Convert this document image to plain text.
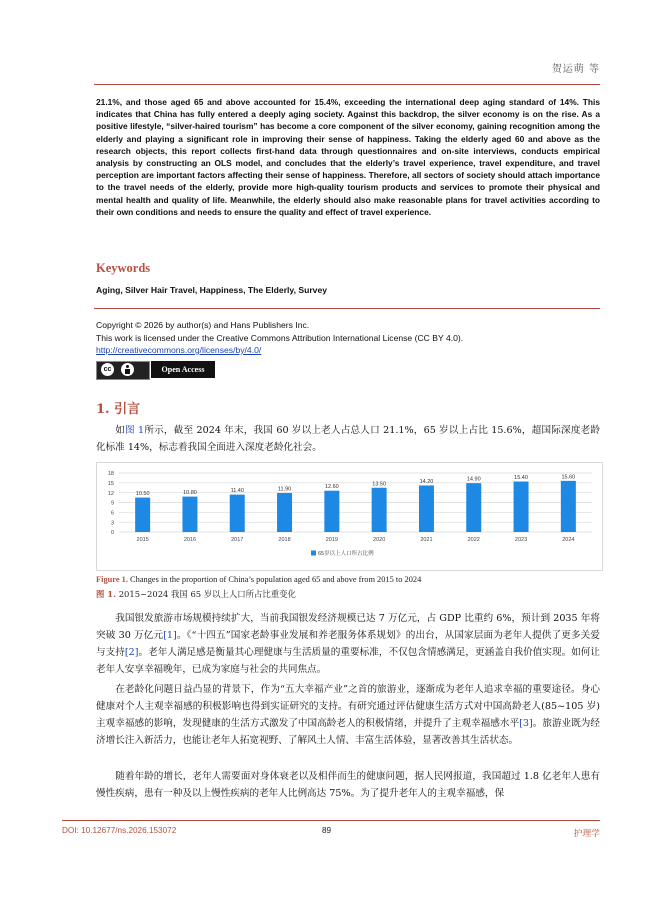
贺运萌 等
21.1%, and those aged 65 and above accounted for 15.4%, exceeding the international deep aging standard of 14%. This indicates that China has fully entered a deeply aging society. Against this backdrop, the silver economy is on the rise. As a positive lifestyle, “silver-haired tourism” has become a core component of the silver economy, gaining recognition among the elderly and playing a significant role in improving their sense of happiness. Taking the elderly aged 60 and above as the research objects, this report collects first-hand data through questionnaires and on-site interviews, conducts empirical analysis by constructing an OLS model, and concludes that the elderly’s travel experience, travel expenditure, and travel perception are important factors affecting their sense of happiness. Therefore, all sectors of society should attach importance to the travel needs of the elderly, provide more high-quality tourism products and services to promote their physical and mental health and quality of life. Meanwhile, the elderly should also make reasonable plans for travel activities according to their own conditions and needs to ensure the quality and effect of travel experience.
Keywords
Aging, Silver Hair Travel, Happiness, The Elderly, Survey
Copyright © 2026 by author(s) and Hans Publishers Inc.
This work is licensed under the Creative Commons Attribution International License (CC BY 4.0).
http://creativecommons.org/licenses/by/4.0/
cc	Open Access
1. 引言
如图 1所示，截至 2024 年末，我国 60 岁以上老人占总人口 21.1%，65 岁以上占比 15.6%，超国际深度老龄化标准 14%，标志着我国全面进入深度老龄化社会。
0
3
6
9
12
15
18
10.50
2015
10.80
2016
11.40
2017
11.90
2018
12.60
2019
13.50
2020
14.20
2021
14.90
2022
15.40
2023
15.60
2024
65岁以上人口所占比例
Figure 1. Changes in the proportion of China’s population aged 65 and above from 2015 to 2024
图 1. 2015~2024 我国 65 岁以上人口所占比重变化
我国银发旅游市场规模持续扩大，当前我国银发经济规模已达 7 万亿元，占 GDP 比重约 6%，预计到 2035 年将突破 30 万亿元[1]。《“十四五”国家老龄事业发展和养老服务体系规划》的出台，从国家层面为老年人提供了更多关爱与支持[2]。老年人满足感是衡量其心理健康与生活质量的重要标准，不仅包含情感满足，更涵盖自我价值实现。如何让老年人安享幸福晚年，已成为家庭与社会的共同焦点。
在老龄化问题日益凸显的背景下，作为“五大幸福产业”之首的旅游业，逐渐成为老年人追求幸福的重要途径。身心健康对个人主观幸福感的积极影响也得到实证研究的支持。有研究通过评估健康生活方式对中国高龄老人(85~105 岁)主观幸福感的影响，发现健康的生活方式激发了中国高龄老人的积极情绪，并提升了主观幸福感水平[3]。旅游业既为经济增长注入新活力，也能让老年人拓宽视野、了解风土人情、丰富生活体验，显著改善其生活状态。
随着年龄的增长，老年人需要面对身体衰老以及相伴而生的健康问题，据人民网报道，我国超过 1.8 亿老年人患有慢性疾病，患有一种及以上慢性疾病的老年人比例高达 75%。为了提升老年人的主观幸福感，保
DOI: 10.12677/ns.2026.153072	89	护理学
